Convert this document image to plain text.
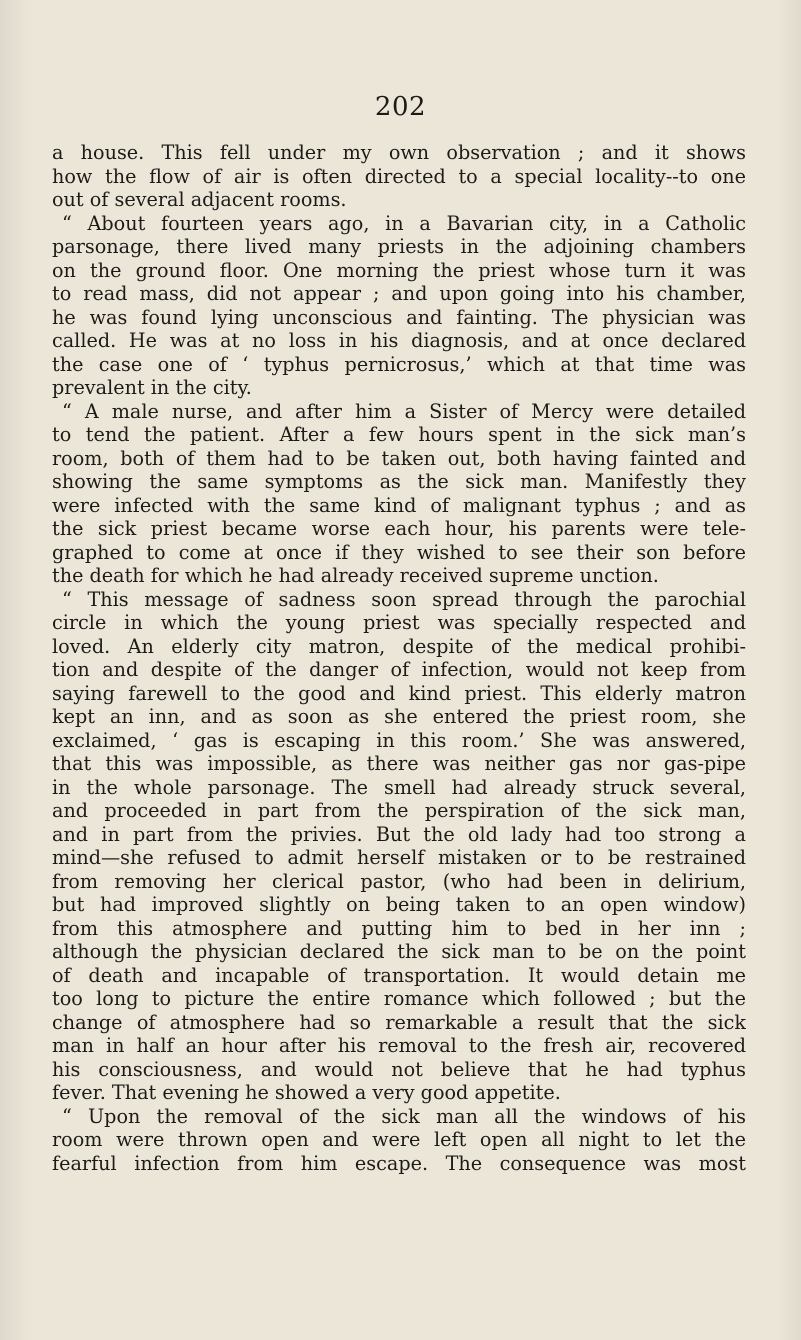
202
a house. This fell under my own observation ; and it shows
how the flow of air is often directed to a special locality--to one
out of several adjacent rooms.
“ About fourteen years ago, in a Bavarian city, in a Catholic
parsonage, there lived many priests in the adjoining chambers
on the ground floor. One morning the priest whose turn it was
to read mass, did not appear ; and upon going into his chamber,
he was found lying unconscious and fainting. The physician was
called. He was at no loss in his diagnosis, and at once declared
the case one of ‘ typhus pernicrosus,’ which at that time was
prevalent in the city.
“ A male nurse, and after him a Sister of Mercy were detailed
to tend the patient. After a few hours spent in the sick man’s
room, both of them had to be taken out, both having fainted and
showing the same symptoms as the sick man. Manifestly they
were infected with the same kind of malignant typhus ; and as
the sick priest became worse each hour, his parents were tele-
graphed to come at once if they wished to see their son before
the death for which he had already received supreme unction.
“ This message of sadness soon spread through the parochial
circle in which the young priest was specially respected and
loved. An elderly city matron, despite of the medical prohibi-
tion and despite of the danger of infection, would not keep from
saying farewell to the good and kind priest. This elderly matron
kept an inn, and as soon as she entered the priest room, she
exclaimed, ‘ gas is escaping in this room.’ She was answered,
that this was impossible, as there was neither gas nor gas-pipe
in the whole parsonage. The smell had already struck several,
and proceeded in part from the perspiration of the sick man,
and in part from the privies. But the old lady had too strong a
mind—she refused to admit herself mistaken or to be restrained
from removing her clerical pastor, (who had been in delirium,
but had improved slightly on being taken to an open window)
from this atmosphere and putting him to bed in her inn ;
although the physician declared the sick man to be on the point
of death and incapable of transportation. It would detain me
too long to picture the entire romance which followed ; but the
change of atmosphere had so remarkable a result that the sick
man in half an hour after his removal to the fresh air, recovered
his consciousness, and would not believe that he had typhus
fever. That evening he showed a very good appetite.
“ Upon the removal of the sick man all the windows of his
room were thrown open and were left open all night to let the
fearful infection from him escape. The consequence was most
